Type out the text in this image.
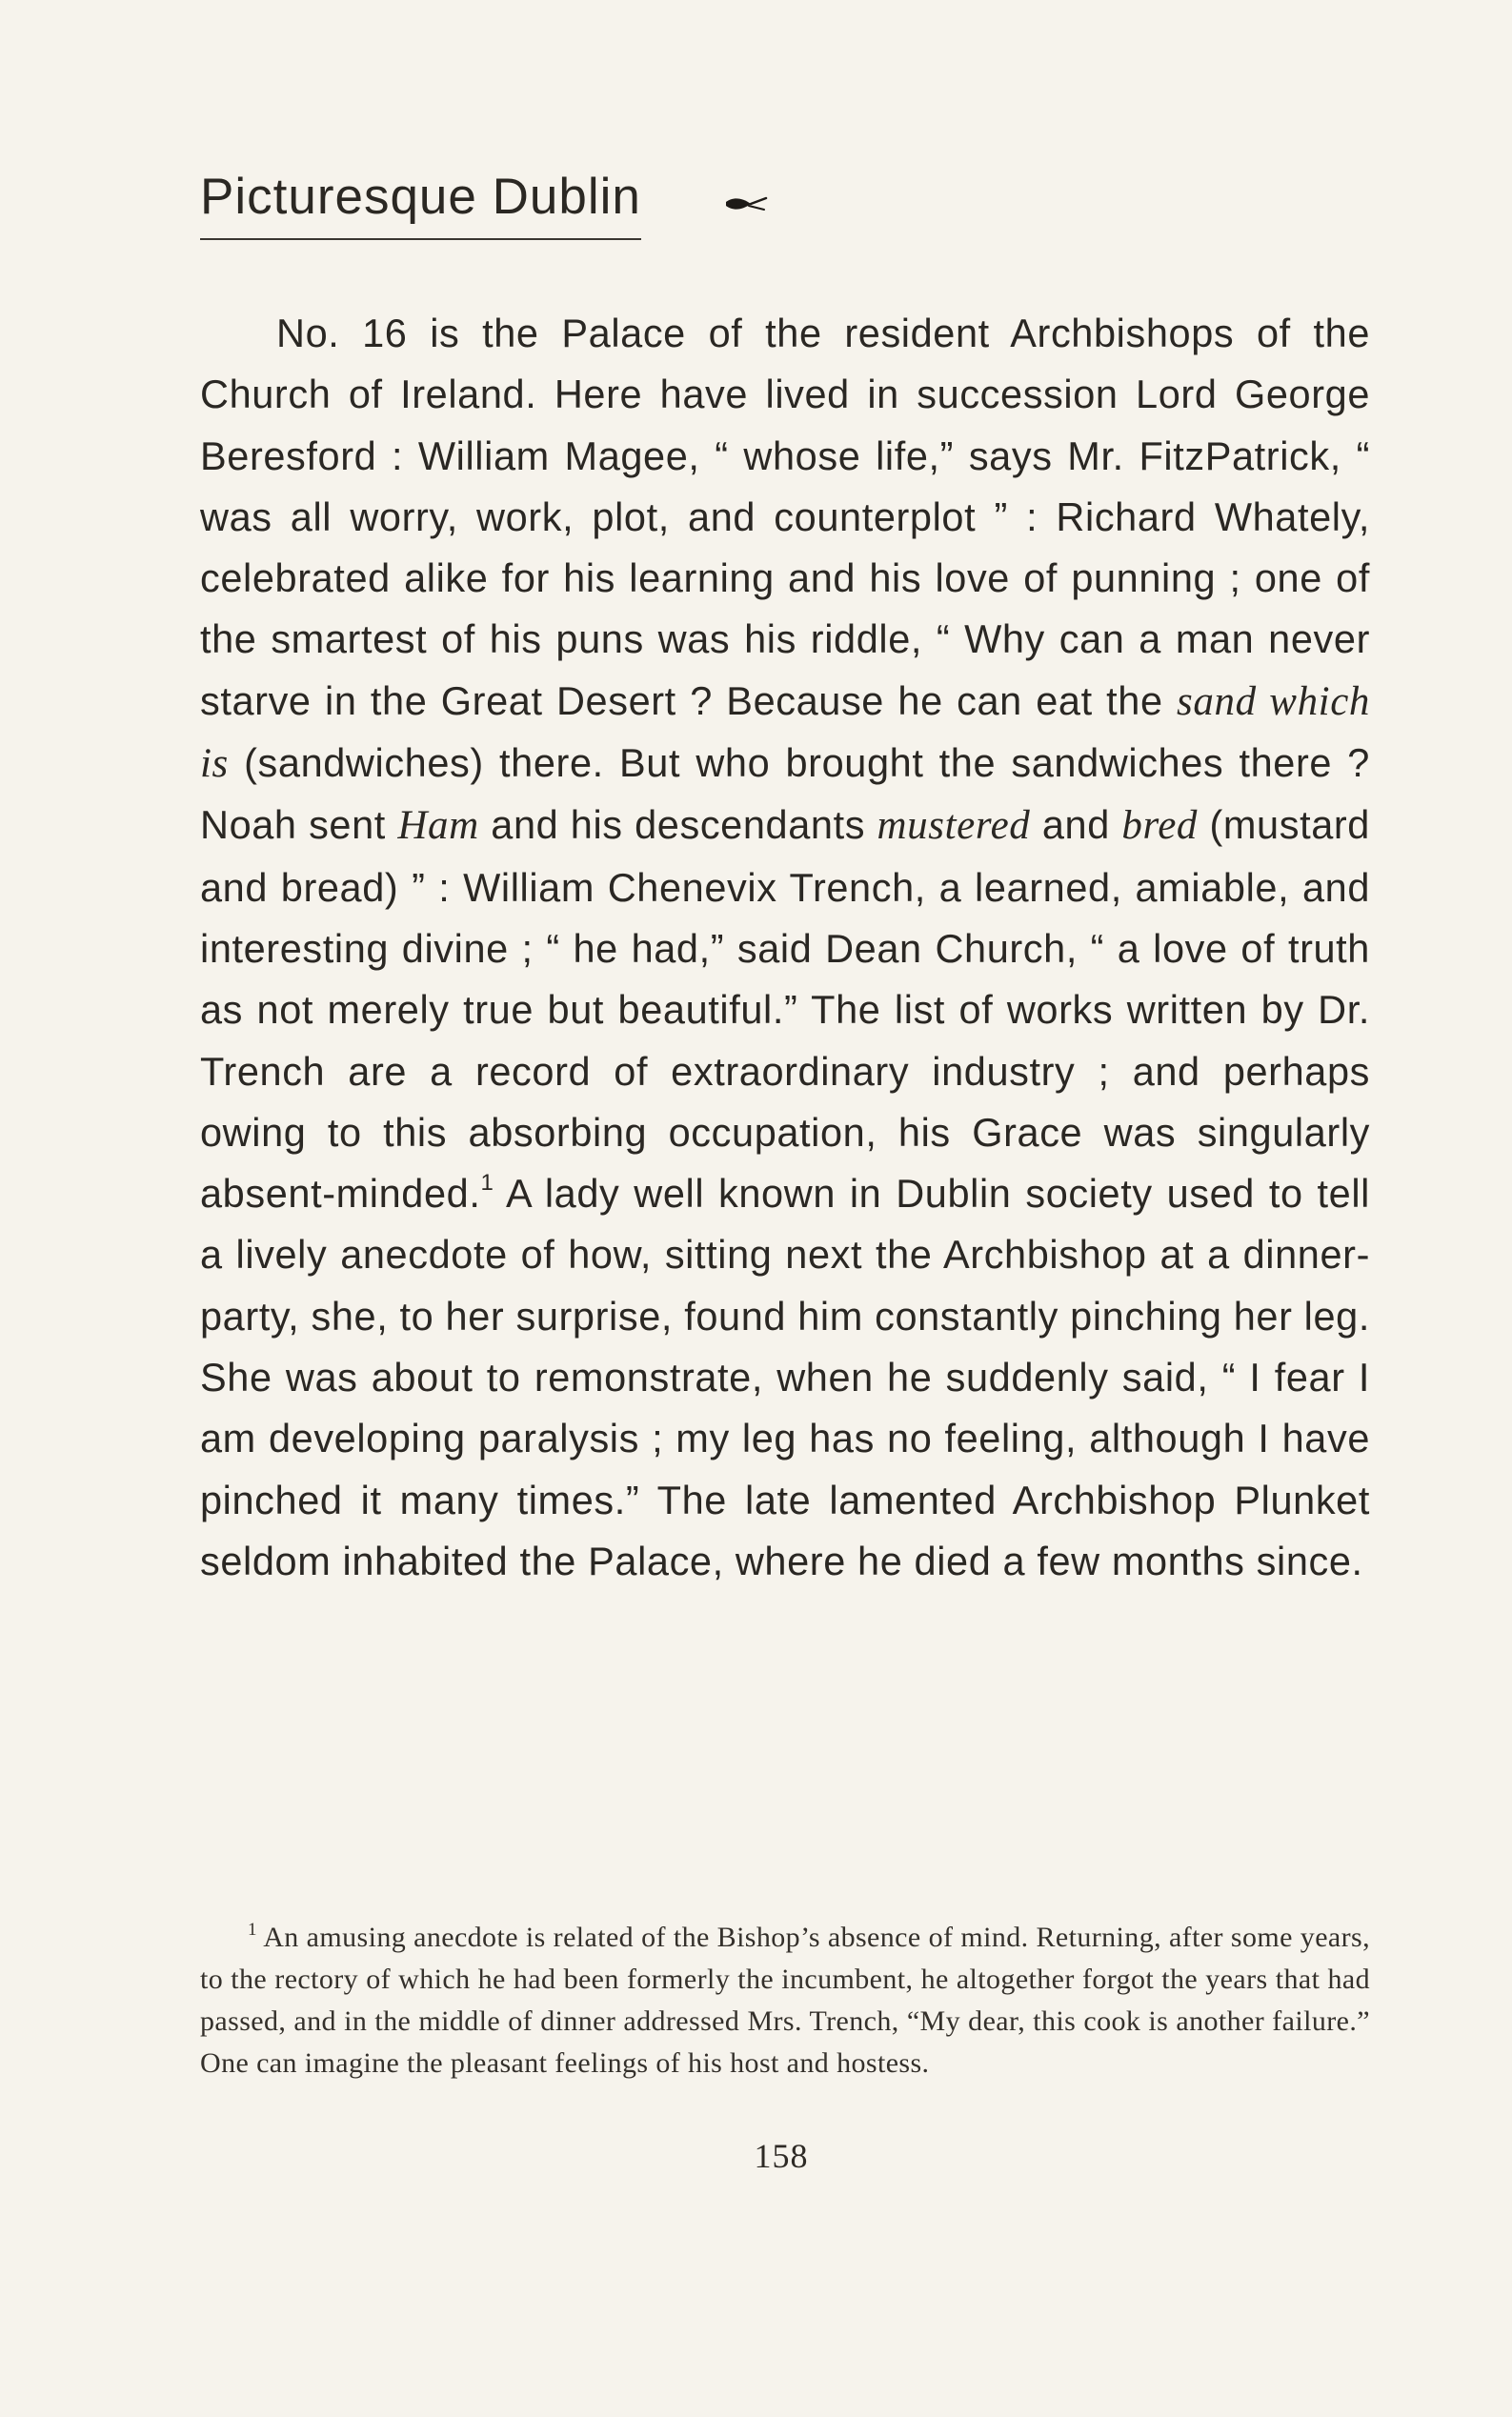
Picturesque Dublin

No. 16 is the Palace of the resident Archbishops of the Church of Ireland. Here have lived in succession Lord George Beresford : William Magee, “ whose life,” says Mr. FitzPatrick, “ was all worry, work, plot, and counterplot ” : Richard Whately, celebrated alike for his learning and his love of punning ; one of the smartest of his puns was his riddle, “ Why can a man never starve in the Great Desert ? Because he can eat the sand which is (sandwiches) there. But who brought the sandwiches there ? Noah sent Ham and his descendants mustered and bred (mustard and bread) ” : William Chenevix Trench, a learned, amiable, and interesting divine ; “ he had,” said Dean Church, “ a love of truth as not merely true but beautiful.” The list of works written by Dr. Trench are a record of extraordinary industry ; and perhaps owing to this absorbing occupation, his Grace was singularly absent-minded.$^1$ A lady well known in Dublin society used to tell a lively anecdote of how, sitting next the Archbishop at a dinner-party, she, to her surprise, found him constantly pinching her leg. She was about to remonstrate, when he suddenly said, “ I fear I am developing paralysis ; my leg has no feeling, although I have pinched it many times.” The late lamented Archbishop Plunket seldom inhabited the Palace, where he died a few months since.

$^1$ An amusing anecdote is related of the Bishop’s absence of mind. Returning, after some years, to the rectory of which he had been formerly the incumbent, he altogether forgot the years that had passed, and in the middle of dinner addressed Mrs. Trench, “My dear, this cook is another failure.” One can imagine the pleasant feelings of his host and hostess.

158
